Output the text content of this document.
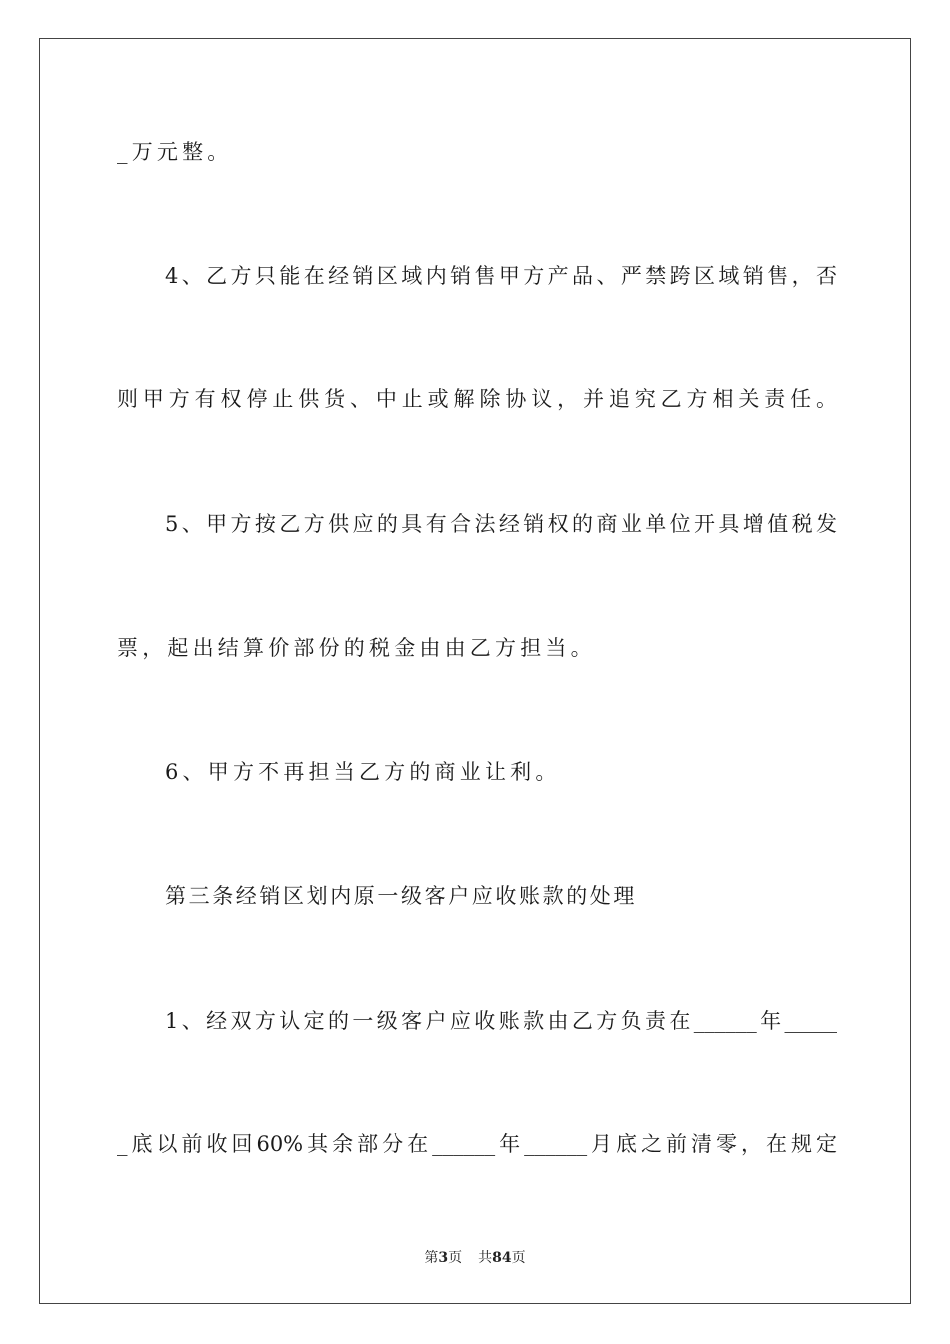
_万元整。
4、乙方只能在经销区域内销售甲方产品、严禁跨区域销售，否
则甲方有权停止供货、中止或解除协议，并追究乙方相关责任。
5、甲方按乙方供应的具有合法经销权的商业单位开具增值税发
票，起出结算价部份的税金由由乙方担当。
6、甲方不再担当乙方的商业让利。
第三条经销区划内原一级客户应收账款的处理
1、经双方认定的一级客户应收账款由乙方负责在______年_____
_底以前收回60%其余部分在______年______月底之前清零，在规定
第3页 共84页
